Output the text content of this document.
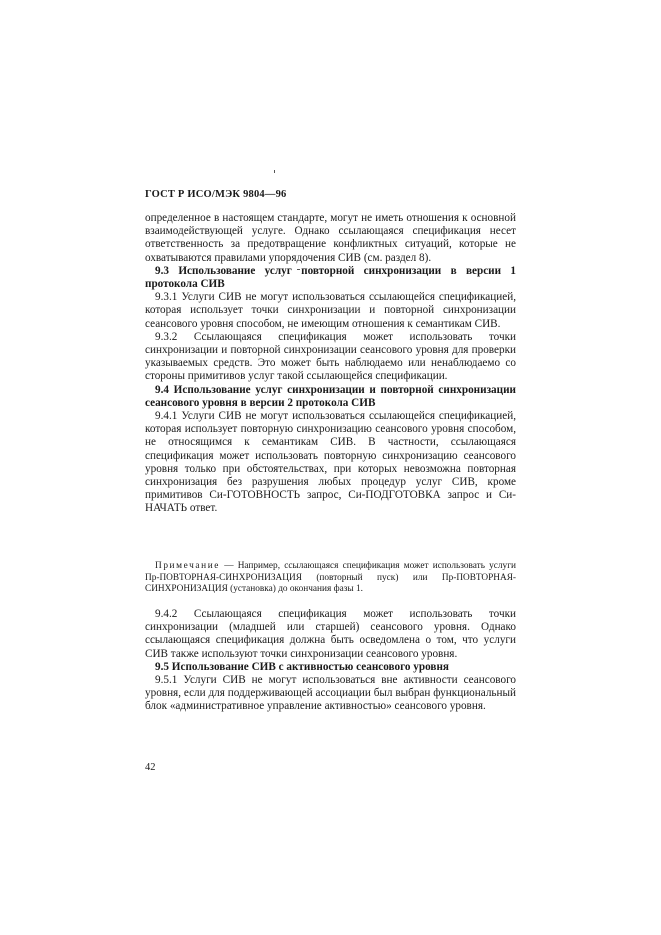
ГОСТ Р ИСО/МЭК 9804—96

определенное в настоящем стандарте, могут не иметь отношения к основной взаимодействующей услуге. Однако ссылающаяся спецификация несет ответственность за предотвращение конфликтных ситуаций, которые не охватываются правилами упорядочения СИВ (см. раздел 8).

9.3 Использование услуг повторной синхронизации в версии 1 протокола СИВ

9.3.1 Услуги СИВ не могут использоваться ссылающейся спецификацией, которая использует точки синхронизации и повторной синхронизации сеансового уровня способом, не имеющим отношения к семантикам СИВ.

9.3.2 Ссылающаяся спецификация может использовать точки синхронизации и повторной синхронизации сеансового уровня для проверки указываемых средств. Это может быть наблюдаемо или ненаблюдаемо со стороны примитивов услуг такой ссылающейся спецификации.

9.4 Использование услуг синхронизации и повторной синхронизации сеансового уровня в версии 2 протокола СИВ

9.4.1 Услуги СИВ не могут использоваться ссылающейся спецификацией, которая использует повторную синхронизацию сеансового уровня способом, не относящимся к семантикам СИВ. В частности, ссылающаяся спецификация может использовать повторную синхронизацию сеансового уровня только при обстоятельствах, при которых невозможна повторная синхронизация без разрушения любых процедур услуг СИВ, кроме примитивов Си-ГОТОВНОСТЬ запрос, Си-ПОДГОТОВКА запрос и Си-НАЧАТЬ ответ.

Примечание — Например, ссылающаяся спецификация может использовать услуги Пр-ПОВТОРНАЯ-СИНХРОНИЗАЦИЯ (повторный пуск) или Пр-ПОВТОРНАЯ-СИНХРОНИЗАЦИЯ (установка) до окончания фазы 1.

9.4.2 Ссылающаяся спецификация может использовать точки синхронизации (младшей или старшей) сеансового уровня. Однако ссылающаяся спецификация должна быть осведомлена о том, что услуги СИВ также используют точки синхронизации сеансового уровня.

9.5 Использование СИВ с активностью сеансового уровня

9.5.1 Услуги СИВ не могут использоваться вне активности сеансового уровня, если для поддерживающей ассоциации был выбран функциональный блок «административное управление активностью» сеансового уровня.

42
